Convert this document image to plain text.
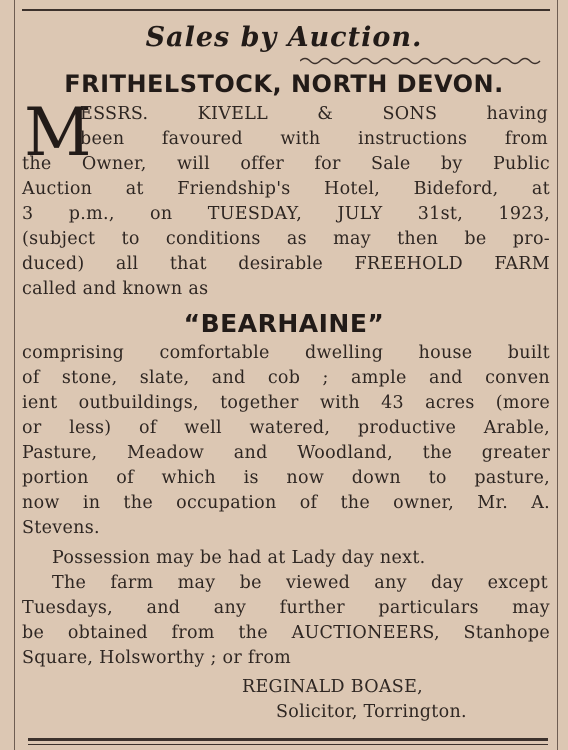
Sales by Auction.
FRITHELSTOCK, NORTH DEVON.
M
ESSRS. KIVELL & SONS having
been favoured with instructions from
the Owner, will offer for Sale by Public
Auction at Friendship's Hotel, Bideford, at
3 p.m., on TUESDAY, JULY 31st, 1923,
(subject to conditions as may then be pro-
duced) all that desirable FREEHOLD FARM
called and known as
“BEARHAINE”
comprising comfortable dwelling house built
of stone, slate, and cob ; ample and conven
ient outbuildings, together with 43 acres (more
or less) of well watered, productive Arable,
Pasture, Meadow and Woodland, the greater
portion of which is now down to pasture,
now in the occupation of the owner, Mr. A.
Stevens.
Possession may be had at Lady day next.
The farm may be viewed any day except
Tuesdays, and any further particulars may
be obtained from the AUCTIONEERS, Stanhope
Square, Holsworthy ; or from
REGINALD BOASE,
Solicitor, Torrington.
